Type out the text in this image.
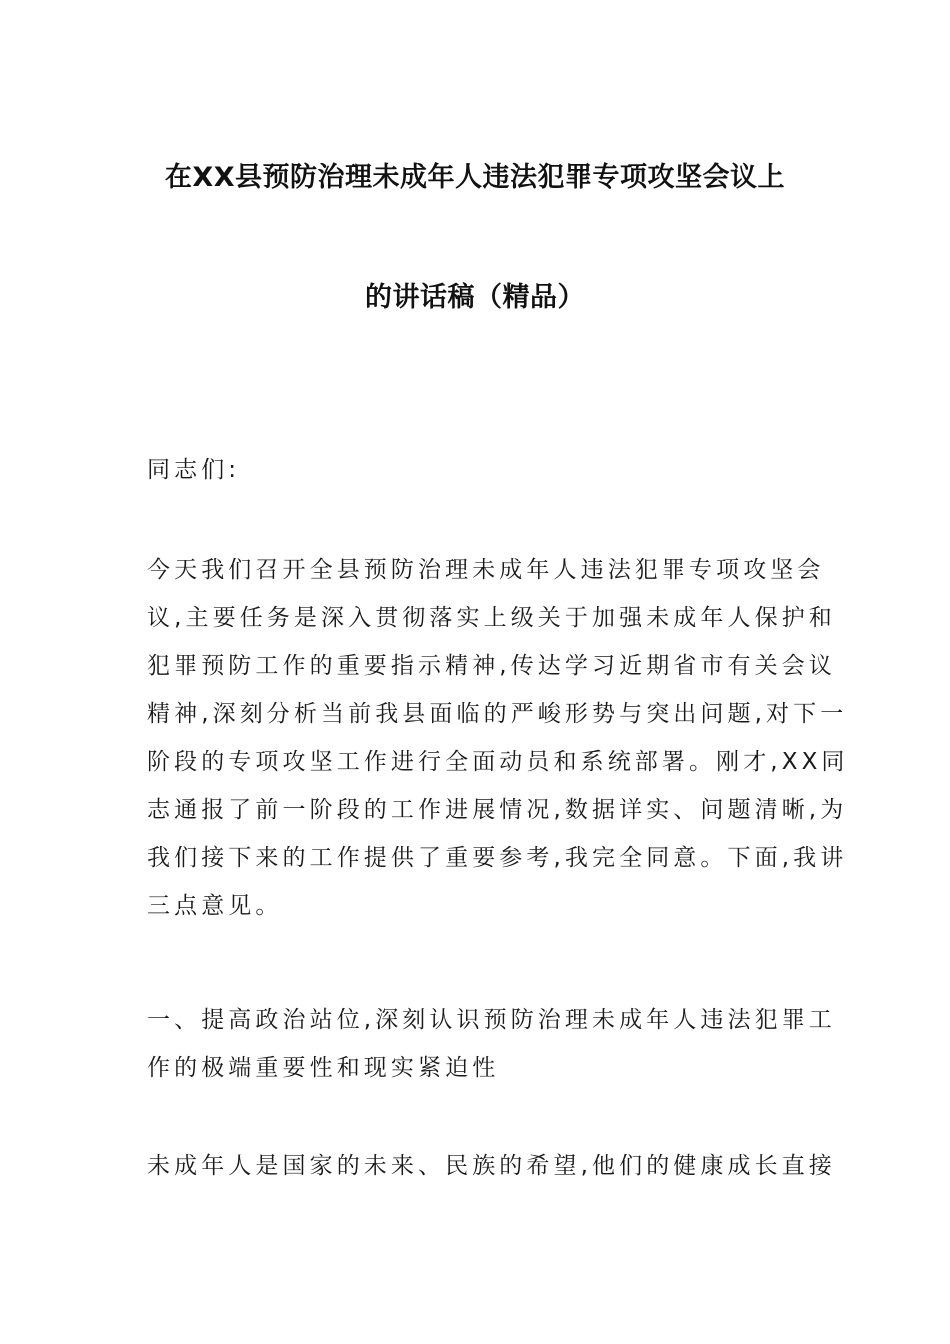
在XX县预防治理未成年人违法犯罪专项攻坚会议上
的讲话稿（精品）
同志们:
今天我们召开全县预防治理未成年人违法犯罪专项攻坚会
议,主要任务是深入贯彻落实上级关于加强未成年人保护和
犯罪预防工作的重要指示精神,传达学习近期省市有关会议
精神,深刻分析当前我县面临的严峻形势与突出问题,对下一
阶段的专项攻坚工作进行全面动员和系统部署。刚才,XX同
志通报了前一阶段的工作进展情况,数据详实、问题清晰,为
我们接下来的工作提供了重要参考,我完全同意。下面,我讲
三点意见。
一、提高政治站位,深刻认识预防治理未成年人违法犯罪工
作的极端重要性和现实紧迫性
未成年人是国家的未来、民族的希望,他们的健康成长直接
